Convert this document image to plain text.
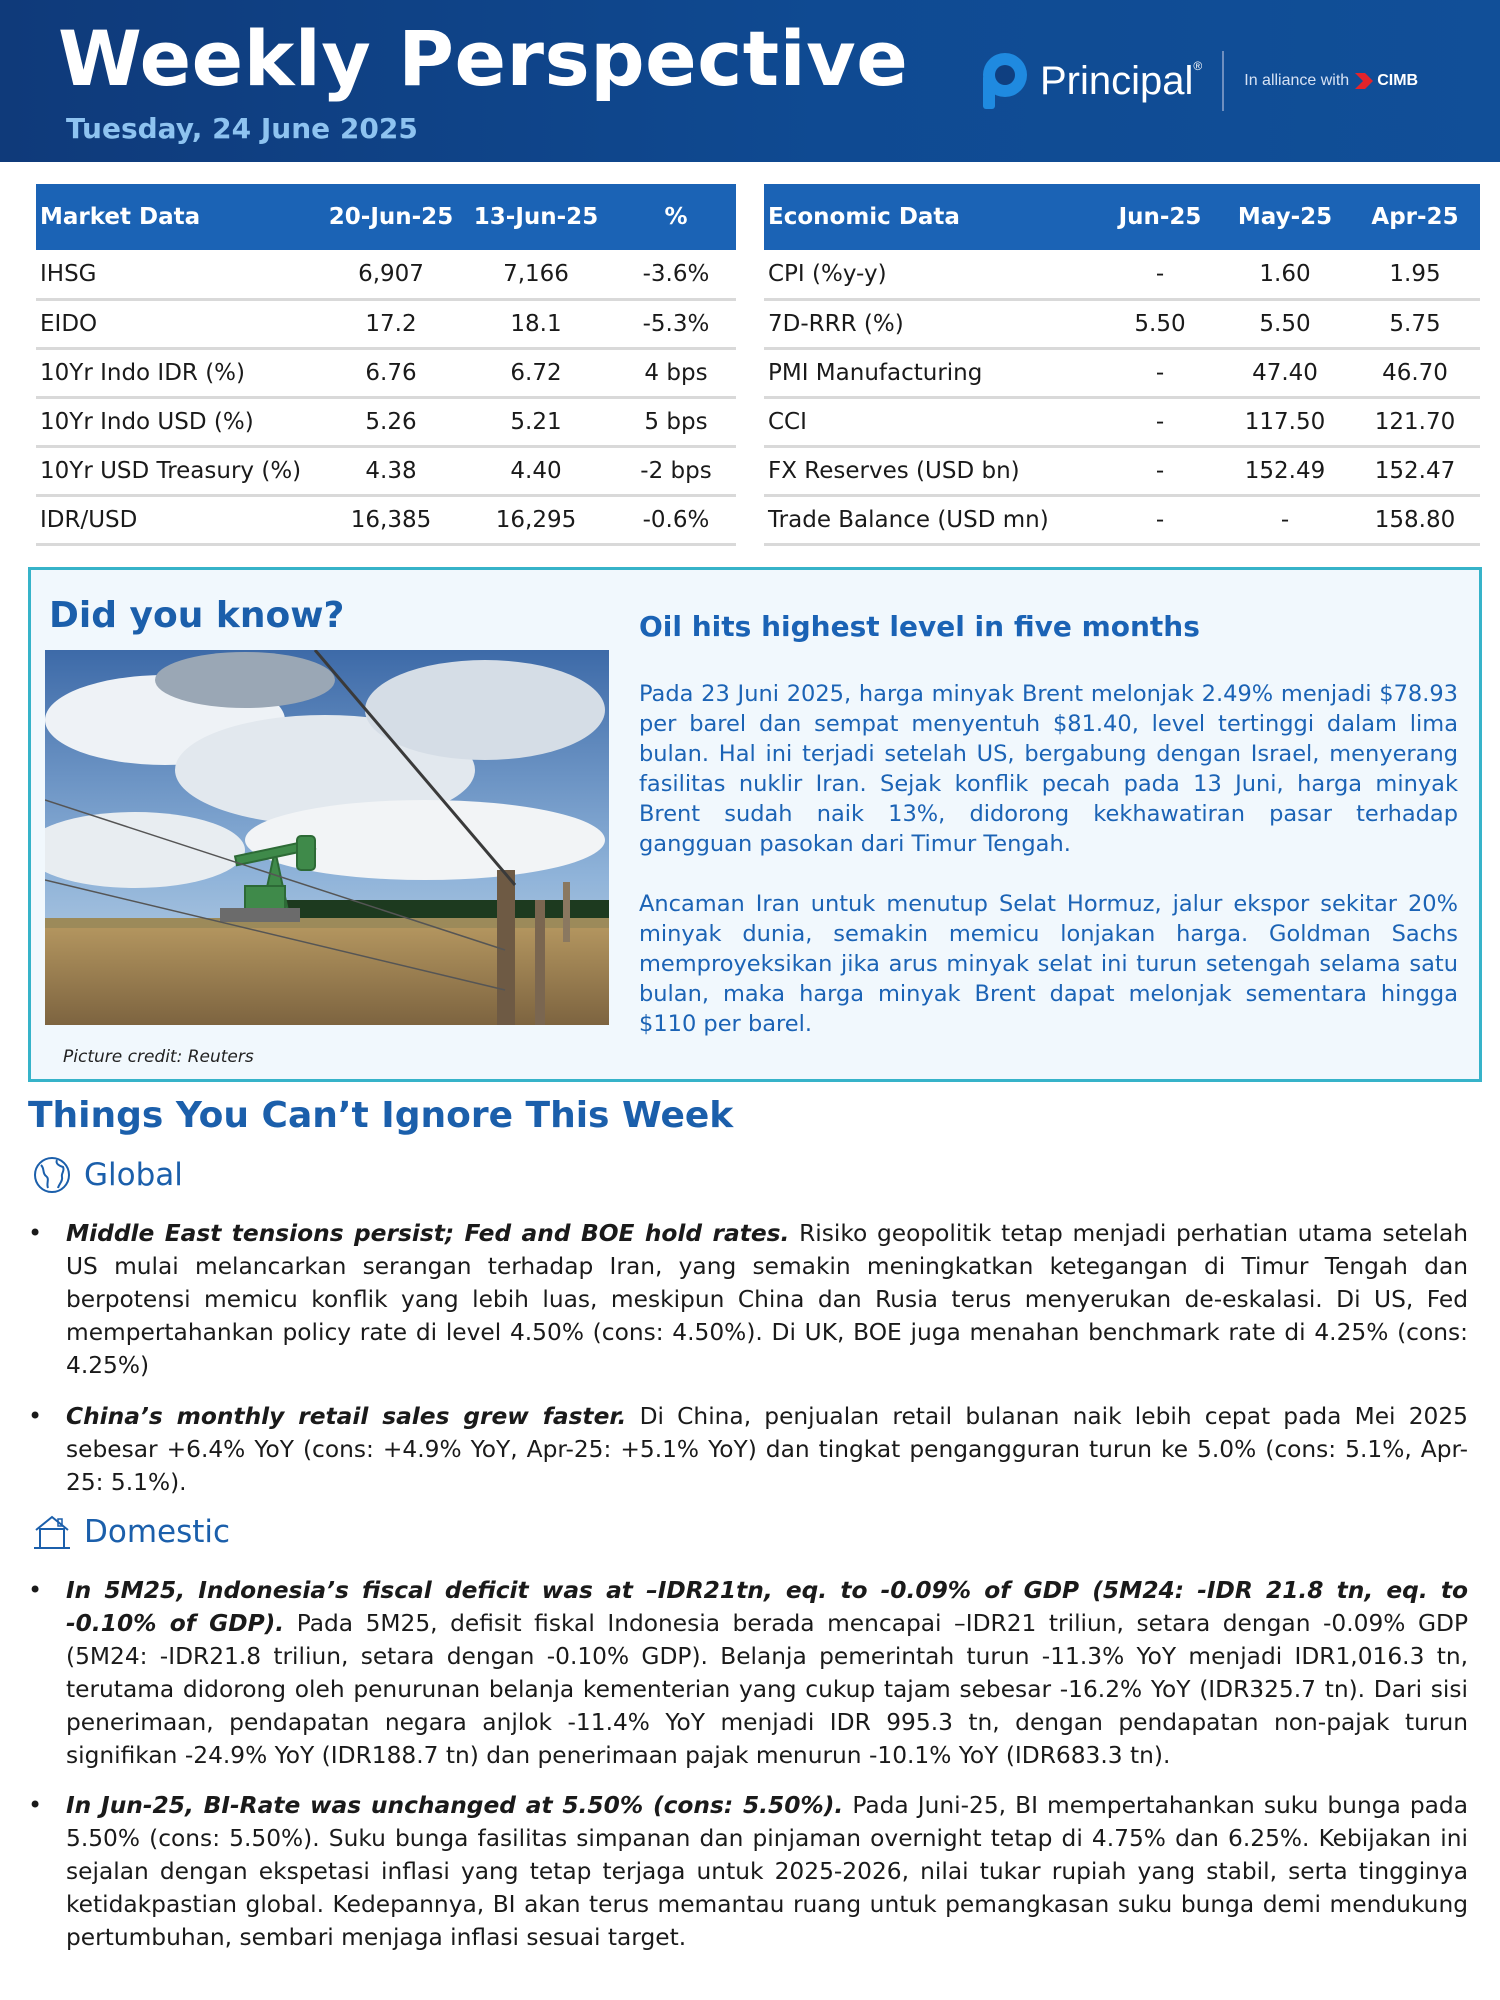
Weekly Perspective
Tuesday, 24 June 2025
Principal®
In alliance with CIMB
Market Data	20-Jun-25	13-Jun-25	%
IHSG	6,907	7,166	-3.6%
EIDO	17.2	18.1	-5.3%
10Yr Indo IDR (%)	6.76	6.72	4 bps
10Yr Indo USD (%)	5.26	5.21	5 bps
10Yr USD Treasury (%)	4.38	4.40	-2 bps
IDR/USD	16,385	16,295	-0.6%
Economic Data	Jun-25	May-25	Apr-25
CPI (%y-y)	-	1.60	1.95
7D-RRR (%)	5.50	5.50	5.75
PMI Manufacturing	-	47.40	46.70
CCI	-	117.50	121.70
FX Reserves (USD bn)	-	152.49	152.47
Trade Balance (USD mn)	-	-	158.80
Did you know?
Picture credit: Reuters
Oil hits highest level in five months
Pada 23 Juni 2025, harga minyak Brent melonjak 2.49% menjadi $78.93 per barel dan sempat menyentuh $81.40, level tertinggi dalam lima bulan. Hal ini terjadi setelah US, bergabung dengan Israel, menyerang fasilitas nuklir Iran. Sejak konflik pecah pada 13 Juni, harga minyak Brent sudah naik 13%, didorong kekhawatiran pasar terhadap gangguan pasokan dari Timur Tengah.
Ancaman Iran untuk menutup Selat Hormuz, jalur ekspor sekitar 20% minyak dunia, semakin memicu lonjakan harga. Goldman Sachs memproyeksikan jika arus minyak selat ini turun setengah selama satu bulan, maka harga minyak Brent dapat melonjak sementara hingga $110 per barel.
Things You Can’t Ignore This Week
Global
• Middle East tensions persist; Fed and BOE hold rates. Risiko geopolitik tetap menjadi perhatian utama setelah US mulai melancarkan serangan terhadap Iran, yang semakin meningkatkan ketegangan di Timur Tengah dan berpotensi memicu konflik yang lebih luas, meskipun China dan Rusia terus menyerukan de-eskalasi. Di US, Fed mempertahankan policy rate di level 4.50% (cons: 4.50%). Di UK, BOE juga menahan benchmark rate di 4.25% (cons: 4.25%)
• China’s monthly retail sales grew faster. Di China, penjualan retail bulanan naik lebih cepat pada Mei 2025 sebesar +6.4% YoY (cons: +4.9% YoY, Apr-25: +5.1% YoY) dan tingkat pengangguran turun ke 5.0% (cons: 5.1%, Apr-25: 5.1%).
Domestic
• In 5M25, Indonesia’s fiscal deficit was at –IDR21tn, eq. to -0.09% of GDP (5M24: -IDR 21.8 tn, eq. to -0.10% of GDP). Pada 5M25, defisit fiskal Indonesia berada mencapai –IDR21 triliun, setara dengan -0.09% GDP (5M24: -IDR21.8 triliun, setara dengan -0.10% GDP). Belanja pemerintah turun -11.3% YoY menjadi IDR1,016.3 tn, terutama didorong oleh penurunan belanja kementerian yang cukup tajam sebesar -16.2% YoY (IDR325.7 tn). Dari sisi penerimaan, pendapatan negara anjlok -11.4% YoY menjadi IDR 995.3 tn, dengan pendapatan non-pajak turun signifikan -24.9% YoY (IDR188.7 tn) dan penerimaan pajak menurun -10.1% YoY (IDR683.3 tn).
• In Jun-25, BI-Rate was unchanged at 5.50% (cons: 5.50%). Pada Juni-25, BI mempertahankan suku bunga pada 5.50% (cons: 5.50%). Suku bunga fasilitas simpanan dan pinjaman overnight tetap di 4.75% dan 6.25%. Kebijakan ini sejalan dengan ekspetasi inflasi yang tetap terjaga untuk 2025-2026, nilai tukar rupiah yang stabil, serta tingginya ketidakpastian global. Kedepannya, BI akan terus memantau ruang untuk pemangkasan suku bunga demi mendukung pertumbuhan, sembari menjaga inflasi sesuai target.
